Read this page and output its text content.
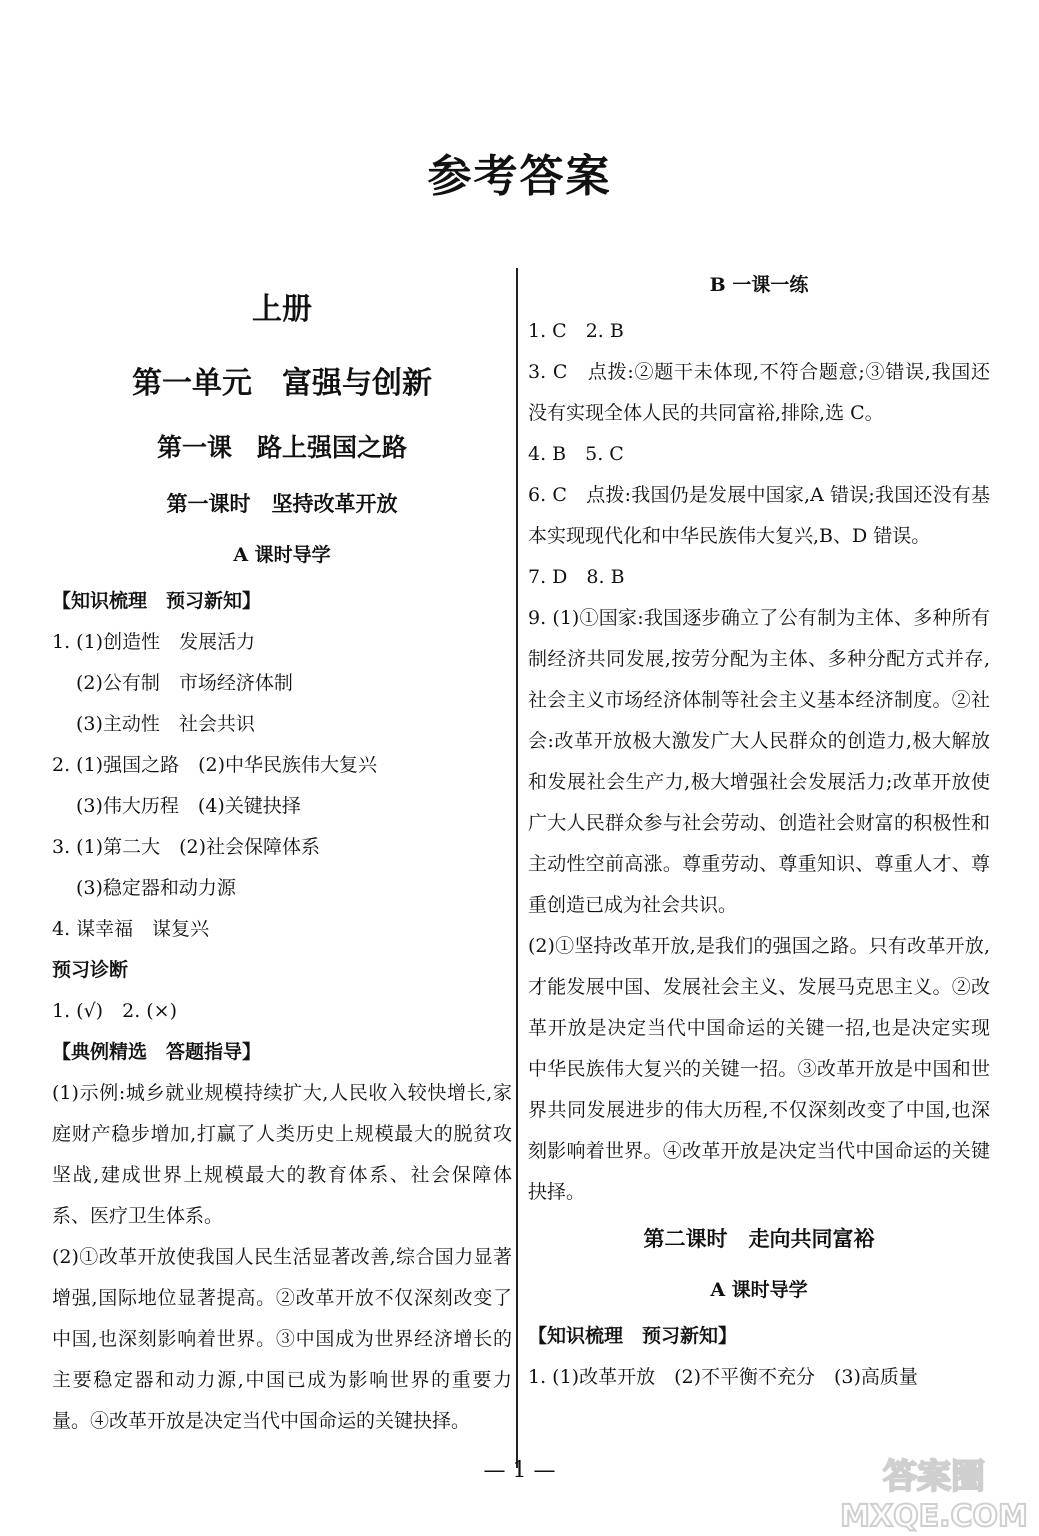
参考答案
上册
第一单元　富强与创新
第一课　路上强国之路
第一课时　坚持改革开放
A 课时导学
【知识梳理　预习新知】
1. (1)创造性　发展活力
(2)公有制　市场经济体制
(3)主动性　社会共识
2. (1)强国之路　(2)中华民族伟大复兴
(3)伟大历程　(4)关键抉择
3. (1)第二大　(2)社会保障体系
(3)稳定器和动力源
4. 谋幸福　谋复兴
预习诊断
1. (√)　2. (×)
【典例精选　答题指导】
(1)示例:城乡就业规模持续扩大,人民收入较快增长,家庭财产稳步增加,打赢了人类历史上规模最大的脱贫攻坚战,建成世界上规模最大的教育体系、社会保障体系、医疗卫生体系。
(2)①改革开放使我国人民生活显著改善,综合国力显著增强,国际地位显著提高。②改革开放不仅深刻改变了中国,也深刻影响着世界。③中国成为世界经济增长的主要稳定器和动力源,中国已成为影响世界的重要力量。④改革开放是决定当代中国命运的关键抉择。
B 一课一练
1. C　2. B
3. C　点拨:②题干未体现,不符合题意;③错误,我国还没有实现全体人民的共同富裕,排除,选 C。
4. B　5. C
6. C　点拨:我国仍是发展中国家,A 错误;我国还没有基本实现现代化和中华民族伟大复兴,B、D 错误。
7. D　8. B
9. (1)①国家:我国逐步确立了公有制为主体、多种所有制经济共同发展,按劳分配为主体、多种分配方式并存,社会主义市场经济体制等社会主义基本经济制度。②社会:改革开放极大激发广大人民群众的创造力,极大解放和发展社会生产力,极大增强社会发展活力;改革开放使广大人民群众参与社会劳动、创造社会财富的积极性和主动性空前高涨。尊重劳动、尊重知识、尊重人才、尊重创造已成为社会共识。
(2)①坚持改革开放,是我们的强国之路。只有改革开放,才能发展中国、发展社会主义、发展马克思主义。②改革开放是决定当代中国命运的关键一招,也是决定实现中华民族伟大复兴的关键一招。③改革开放是中国和世界共同发展进步的伟大历程,不仅深刻改变了中国,也深刻影响着世界。④改革开放是决定当代中国命运的关键抉择。
第二课时　走向共同富裕
A 课时导学
【知识梳理　预习新知】
1. (1)改革开放　(2)不平衡不充分　(3)高质量
— 1 —	答案圈
MXQE.COM
